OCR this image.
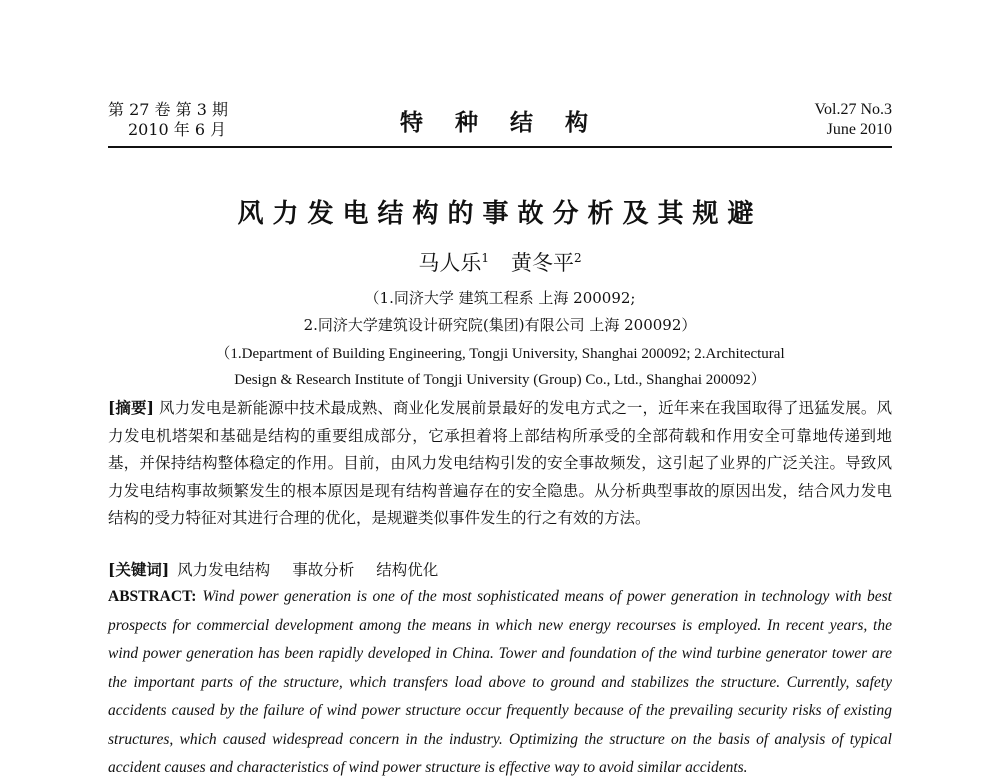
第 27 卷 第 3 期
2010 年 6 月	特 种 结 构	Vol.27 No.3
June 2010
风力发电结构的事故分析及其规避
马人乐$^1$ 黄冬平$^2$
（1.同济大学 建筑工程系 上海 200092;
2.同济大学建筑设计研究院(集团)有限公司 上海 200092）
（1.Department of Building Engineering, Tongji University, Shanghai 200092; 2.Architectural
Design & Research Institute of Tongji University (Group) Co., Ltd., Shanghai 200092）
[摘要] 风力发电是新能源中技术最成熟、商业化发展前景最好的发电方式之一，近年来在我国取得了迅猛发展。风力发电机塔架和基础是结构的重要组成部分，它承担着将上部结构所承受的全部荷载和作用安全可靠地传递到地基，并保持结构整体稳定的作用。目前，由风力发电结构引发的安全事故频发，这引起了业界的广泛关注。导致风力发电结构事故频繁发生的根本原因是现有结构普遍存在的安全隐患。从分析典型事故的原因出发，结合风力发电结构的受力特征对其进行合理的优化，是规避类似事件发生的行之有效的方法。
[关键词] 风力发电结构 事故分析 结构优化
ABSTRACT: Wind power generation is one of the most sophisticated means of power generation in technology with best prospects for commercial development among the means in which new energy recourses is employed. In recent years, the wind power generation has been rapidly developed in China. Tower and foundation of the wind turbine generator tower are the important parts of the structure, which transfers load above to ground and stabilizes the structure. Currently, safety accidents caused by the failure of wind power structure occur frequently because of the prevailing security risks of existing structures, which caused widespread concern in the industry. Optimizing the structure on the basis of analysis of typical accident causes and characteristics of wind power structure is effective way to avoid similar accidents.
